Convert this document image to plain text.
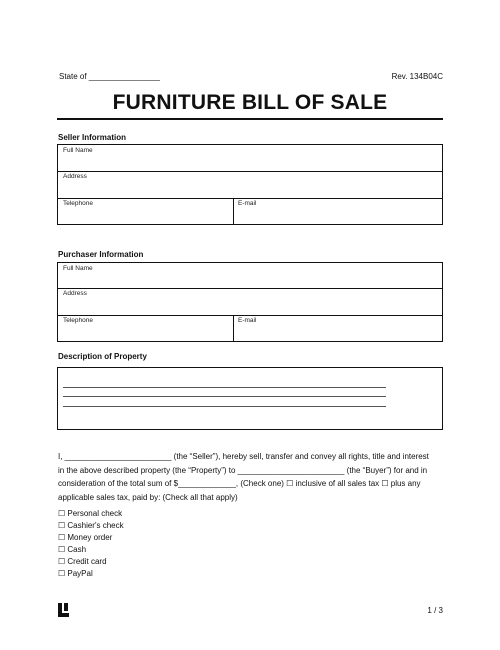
State of ________________	Rev. 134B04C
FURNITURE BILL OF SALE
Seller Information
Full Name
Address
Telephone	E-mail
Purchaser Information
Full Name
Address
Telephone	E-mail
Description of Property
I, ________________________ (the “Seller”), hereby sell, transfer and convey all rights, title and interest
in the above described property (the “Property”) to ________________________ (the “Buyer”) for and in
consideration of the total sum of $_____________, (Check one) ☐ inclusive of all sales tax ☐ plus any
applicable sales tax, paid by: (Check all that apply)
☐ Personal check
☐ Cashier's check
☐ Money order
☐ Cash
☐ Credit card
☐ PayPal
1 / 3
